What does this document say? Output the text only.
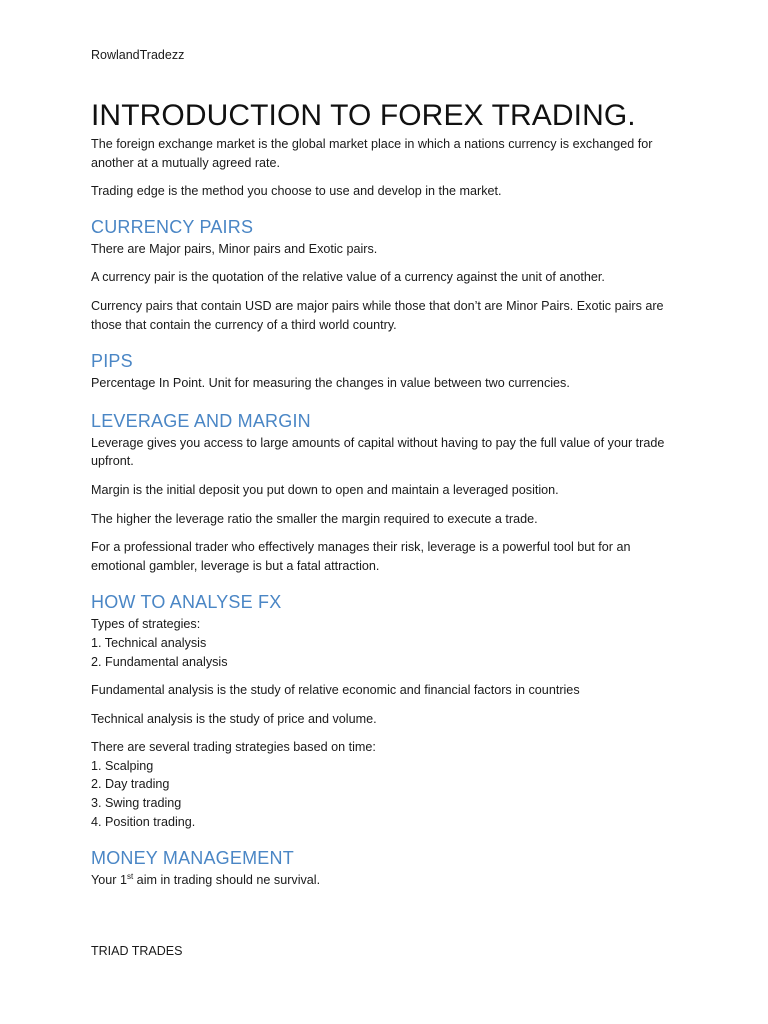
RowlandTradezz
INTRODUCTION TO FOREX TRADING.

The foreign exchange market is the global market place in which a nations currency is exchanged for another at a mutually agreed rate.

Trading edge is the method you choose to use and develop in the market.

CURRENCY PAIRS

There are Major pairs, Minor pairs and Exotic pairs.

A currency pair is the quotation of the relative value of a currency against the unit of another.

Currency pairs that contain USD are major pairs while those that don’t are Minor Pairs. Exotic pairs are those that contain the currency of a third world country.

PIPS

Percentage In Point. Unit for measuring the changes in value between two currencies.

LEVERAGE AND MARGIN

Leverage gives you access to large amounts of capital without having to pay the full value of your trade upfront.

Margin is the initial deposit you put down to open and maintain a leveraged position.

The higher the leverage ratio the smaller the margin required to execute a trade.

For a professional trader who effectively manages their risk, leverage is a powerful tool but for an emotional gambler, leverage is but a fatal attraction.

HOW TO ANALYSE FX
Types of strategies:
1. Technical analysis
2. Fundamental analysis

Fundamental analysis is the study of relative economic and financial factors in countries

Technical analysis is the study of price and volume.

There are several trading strategies based on time:
1. Scalping
2. Day trading
3. Swing trading
4. Position trading.
MONEY MANAGEMENT

Your 1st aim in trading should ne survival.

TRIAD TRADES
